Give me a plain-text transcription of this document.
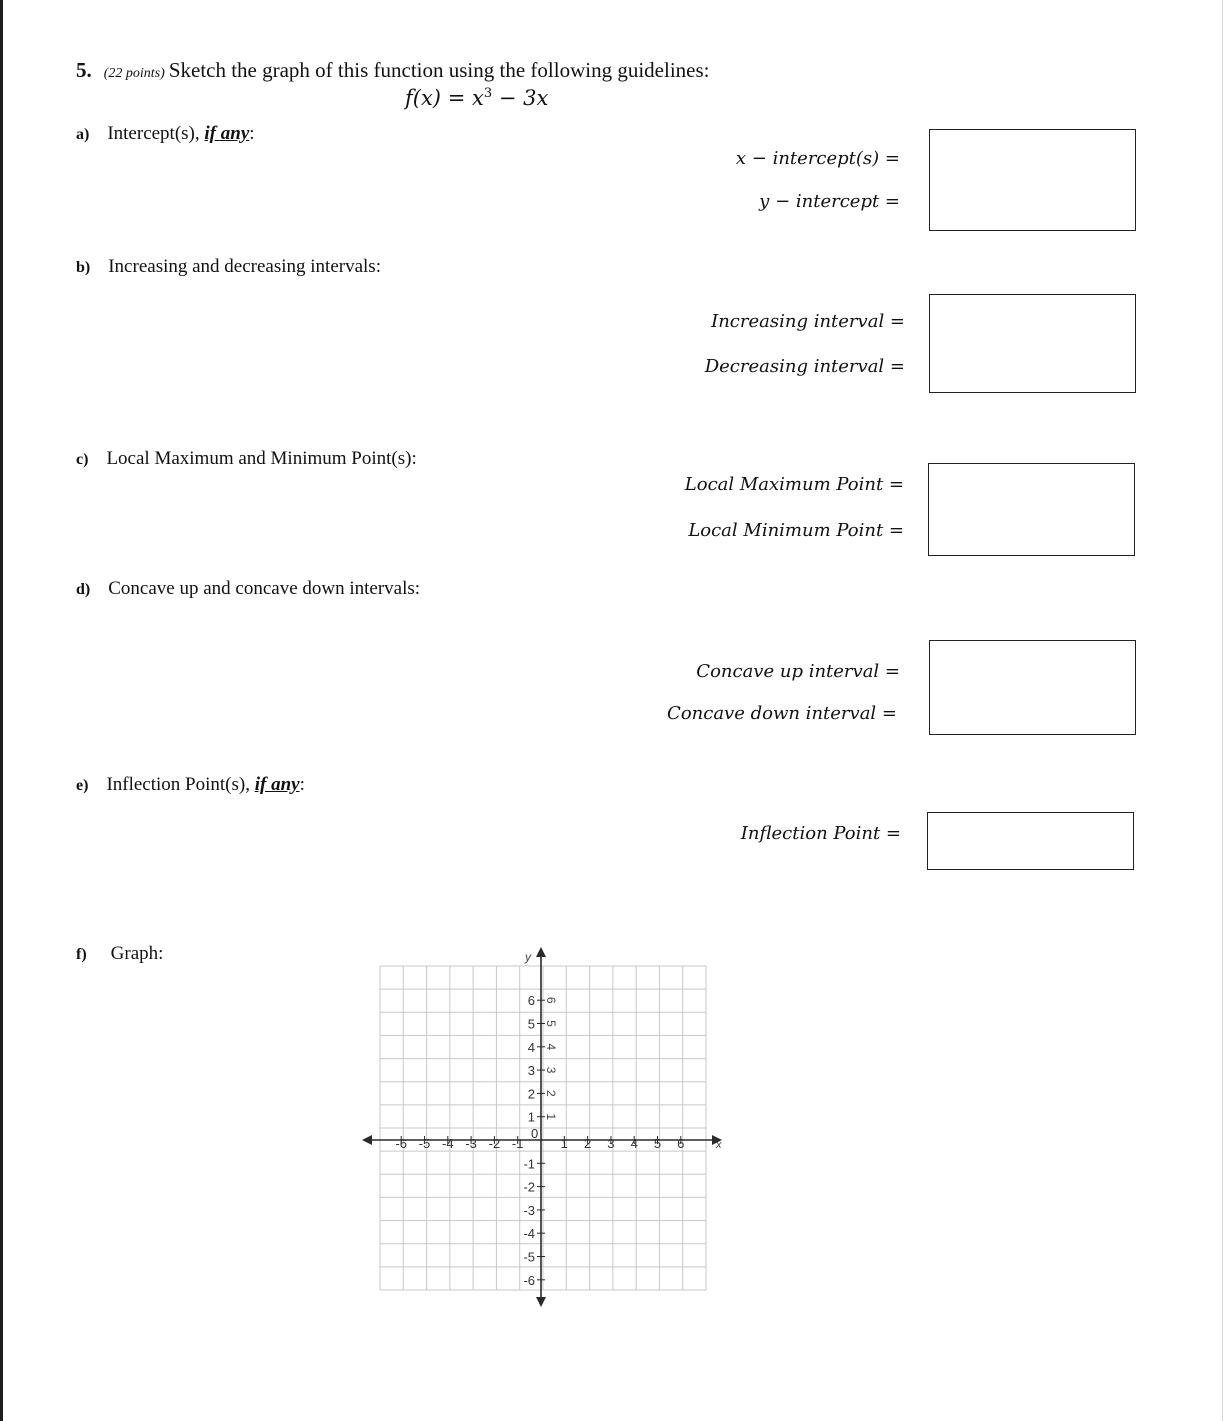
5. (22 points) Sketch the graph of this function using the following guidelines:
$f(x) = x^3 - 3x$
a) Intercept(s), if any:
x − intercept(s) =
y − intercept =
b) Increasing and decreasing intervals:
Increasing interval =
Decreasing interval =
c) Local Maximum and Minimum Point(s):
Local Maximum Point =
Local Minimum Point =
d) Concave up and concave down intervals:
Concave up interval =
Concave down interval =
e) Inflection Point(s), if any:
Inflection Point =
f) Graph:
x
y
-6 -5 -4 -3 -2 -1	1 2 3 4 5 6
1
2
3
4
5
6
-1
-2
-3
-4
-5
-6
0
6
5
4
3
2
1
